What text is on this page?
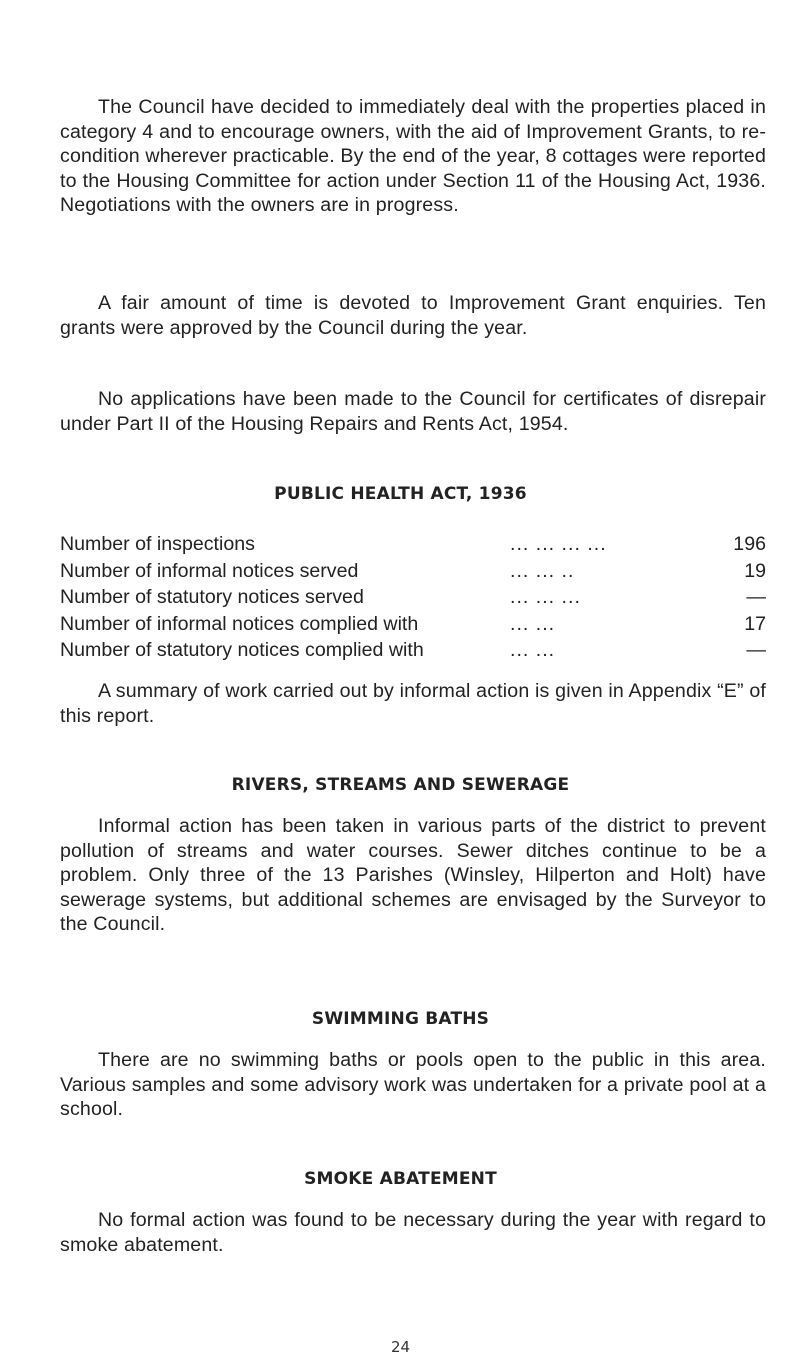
The Council have decided to immediately deal with the properties placed in category 4 and to encourage owners, with the aid of Improvement Grants, to re-condition wherever practicable. By the end of the year, 8 cottages were reported to the Housing Committee for action under Section 11 of the Housing Act, 1936. Negotiations with the owners are in progress.

A fair amount of time is devoted to Improvement Grant enquiries. Ten grants were approved by the Council during the year.

No applications have been made to the Council for certificates of disrepair under Part II of the Housing Repairs and Rents Act, 1954.

PUBLIC HEALTH ACT, 1936
Number of inspections	... ... ... ...	196
Number of informal notices served	... ... ..	19
Number of statutory notices served	... ... ...	—
Number of informal notices complied with	... ...	17
Number of statutory notices complied with	... ...	—

A summary of work carried out by informal action is given in Appendix “E” of this report.

RIVERS, STREAMS AND SEWERAGE

Informal action has been taken in various parts of the district to prevent pollution of streams and water courses. Sewer ditches continue to be a problem. Only three of the 13 Parishes (Winsley, Hilperton and Holt) have sewerage systems, but additional schemes are envisaged by the Surveyor to the Council.

SWIMMING BATHS

There are no swimming baths or pools open to the public in this area. Various samples and some advisory work was undertaken for a private pool at a school.

SMOKE ABATEMENT

No formal action was found to be necessary during the year with regard to smoke abatement.

24
